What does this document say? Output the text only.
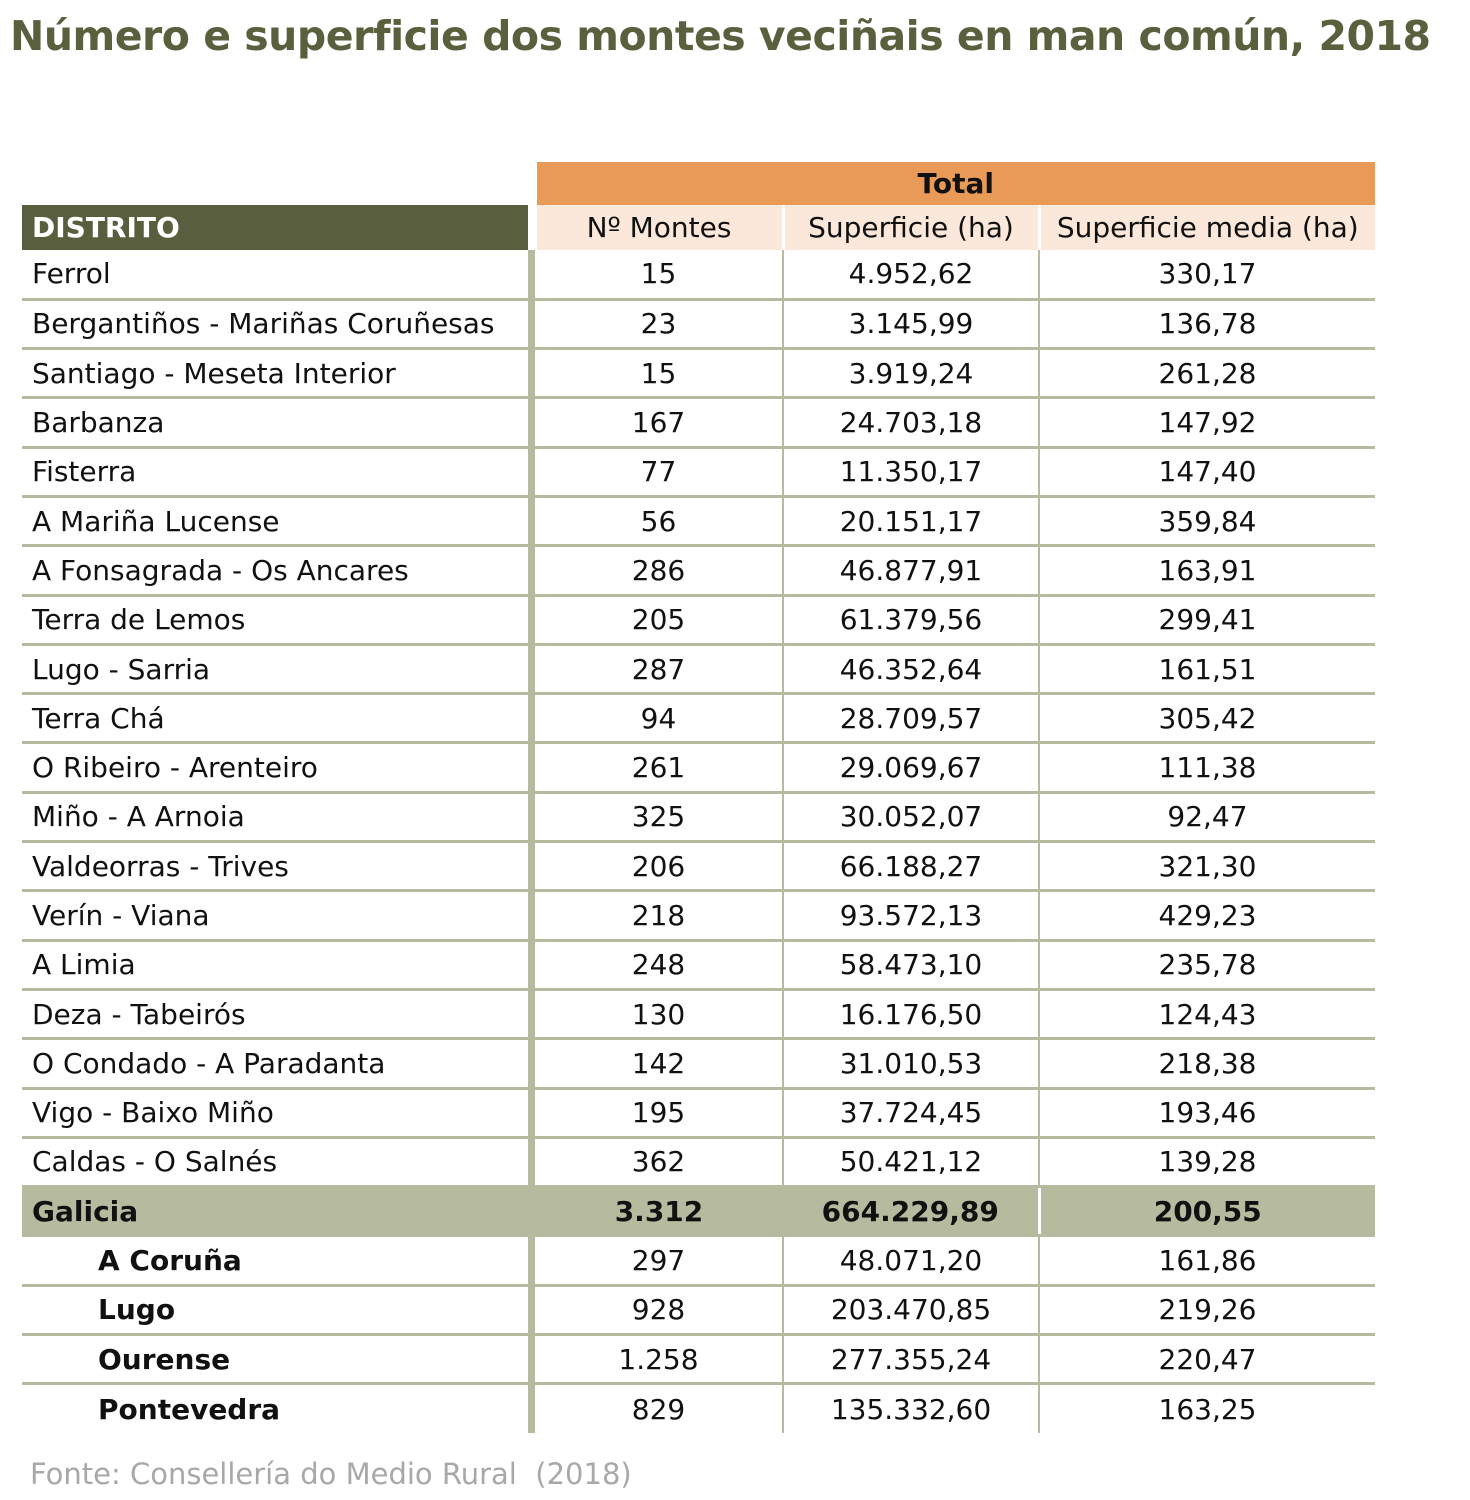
Número e superficie dos montes veciñais en man común, 2018
		Total		
DISTRITO		Nº Montes	Superficie (ha)	Superficie media (ha)
Ferrol		15	4.952,62	330,17
Bergantiños - Mariñas Coruñesas		23	3.145,99	136,78
Santiago - Meseta Interior		15	3.919,24	261,28
Barbanza		167	24.703,18	147,92
Fisterra		77	11.350,17	147,40
A Mariña Lucense		56	20.151,17	359,84
A Fonsagrada - Os Ancares		286	46.877,91	163,91
Terra de Lemos		205	61.379,56	299,41
Lugo - Sarria		287	46.352,64	161,51
Terra Chá		94	28.709,57	305,42
O Ribeiro - Arenteiro		261	29.069,67	111,38
Miño - A Arnoia		325	30.052,07	92,47
Valdeorras - Trives		206	66.188,27	321,30
Verín - Viana		218	93.572,13	429,23
A Limia		248	58.473,10	235,78
Deza - Tabeirós		130	16.176,50	124,43
O Condado - A Paradanta		142	31.010,53	218,38
Vigo - Baixo Miño		195	37.724,45	193,46
Caldas - O Salnés		362	50.421,12	139,28
Galicia		3.312	664.229,89	200,55
A Coruña		297	48.071,20	161,86
Lugo		928	203.470,85	219,26
Ourense		1.258	277.355,24	220,47
Pontevedra		829	135.332,60	163,25
Fonte: Consellería do Medio Rural  (2018)
